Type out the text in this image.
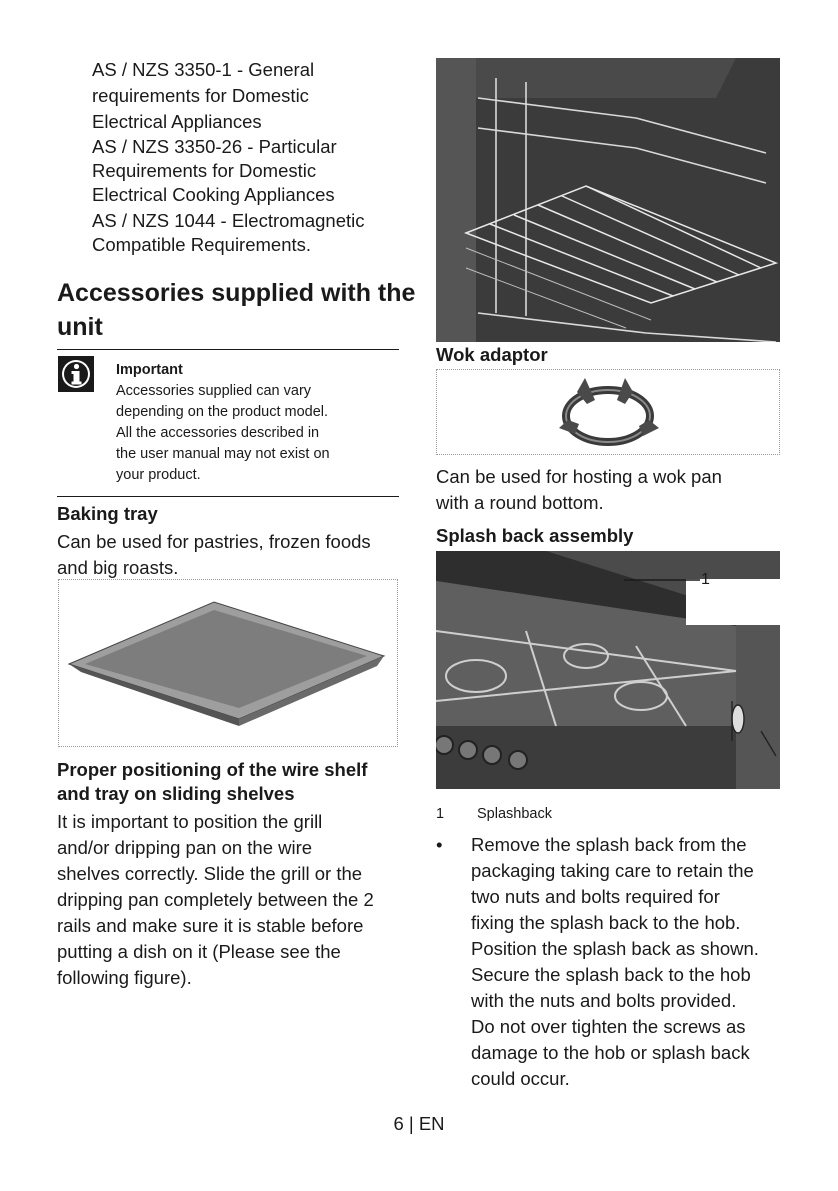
AS / NZS 3350-1 - General
requirements for Domestic
Electrical Appliances
AS / NZS 3350-26 - Particular
Requirements for Domestic
Electrical Cooking Appliances
AS / NZS 1044 - Electromagnetic
Compatible Requirements.
Accessories supplied with the
unit
Important
Accessories supplied can vary
depending on the product model.
All the accessories described in
the user manual may not exist on
your product.
Baking tray
Can be used for pastries, frozen foods
and big roasts.
Proper positioning of the wire shelf
and tray on sliding shelves
It is important to position the grill
and/or dripping pan on the wire
shelves correctly. Slide the grill or the
dripping pan completely between the 2
rails and make sure it is stable before
putting a dish on it (Please see the
following figure).
Wok adaptor
Can be used for hosting a wok pan
with a round bottom.
Splash back assembly
1
1 Splashback
• Remove the splash back from the
packaging taking care to retain the
two nuts and bolts required for
fixing the splash back to the hob.
Position the splash back as shown.
Secure the splash back to the hob
with the nuts and bolts provided.
Do not over tighten the screws as
damage to the hob or splash back
could occur.
6 | EN
